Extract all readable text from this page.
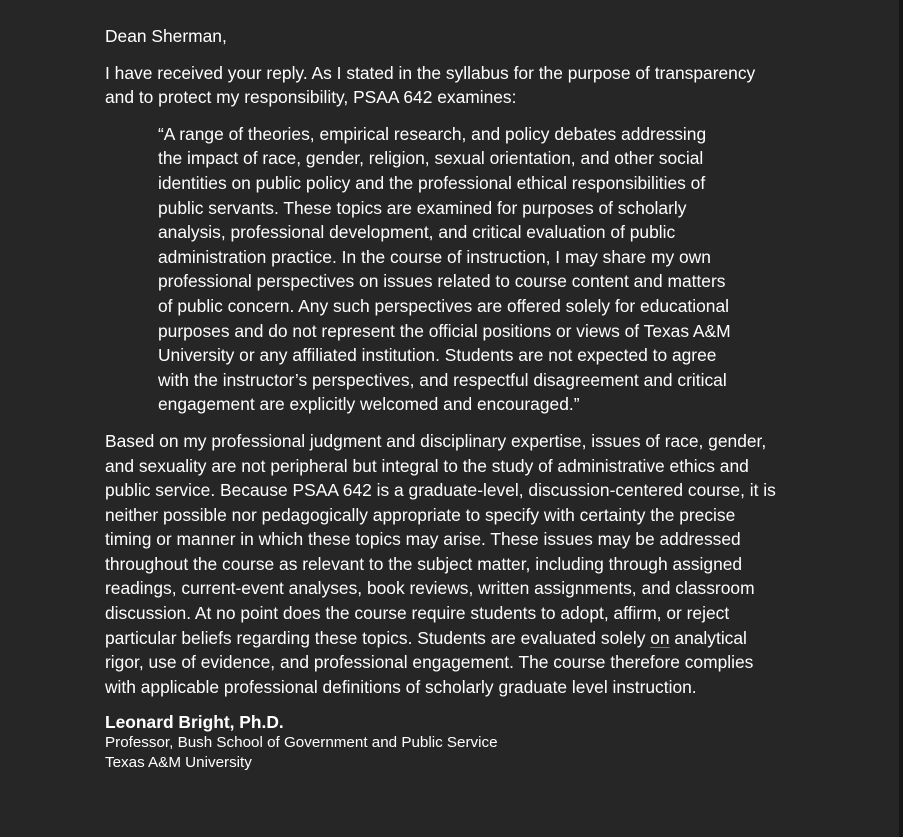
Dean Sherman,
I have received your reply. As I stated in the syllabus for the purpose of transparency
and to protect my responsibility, PSAA 642 examines:
“A range of theories, empirical research, and policy debates addressing
the impact of race, gender, religion, sexual orientation, and other social
identities on public policy and the professional ethical responsibilities of
public servants. These topics are examined for purposes of scholarly
analysis, professional development, and critical evaluation of public
administration practice. In the course of instruction, I may share my own
professional perspectives on issues related to course content and matters
of public concern. Any such perspectives are offered solely for educational
purposes and do not represent the official positions or views of Texas A&M
University or any affiliated institution. Students are not expected to agree
with the instructor’s perspectives, and respectful disagreement and critical
engagement are explicitly welcomed and encouraged.”
Based on my professional judgment and disciplinary expertise, issues of race, gender,
and sexuality are not peripheral but integral to the study of administrative ethics and
public service. Because PSAA 642 is a graduate-level, discussion-centered course, it is
neither possible nor pedagogically appropriate to specify with certainty the precise
timing or manner in which these topics may arise. These issues may be addressed
throughout the course as relevant to the subject matter, including through assigned
readings, current-event analyses, book reviews, written assignments, and classroom
discussion. At no point does the course require students to adopt, affirm, or reject
particular beliefs regarding these topics. Students are evaluated solely on analytical
rigor, use of evidence, and professional engagement. The course therefore complies
with applicable professional definitions of scholarly graduate level instruction.
Leonard Bright, Ph.D.
Professor, Bush School of Government and Public Service
Texas A&M University
